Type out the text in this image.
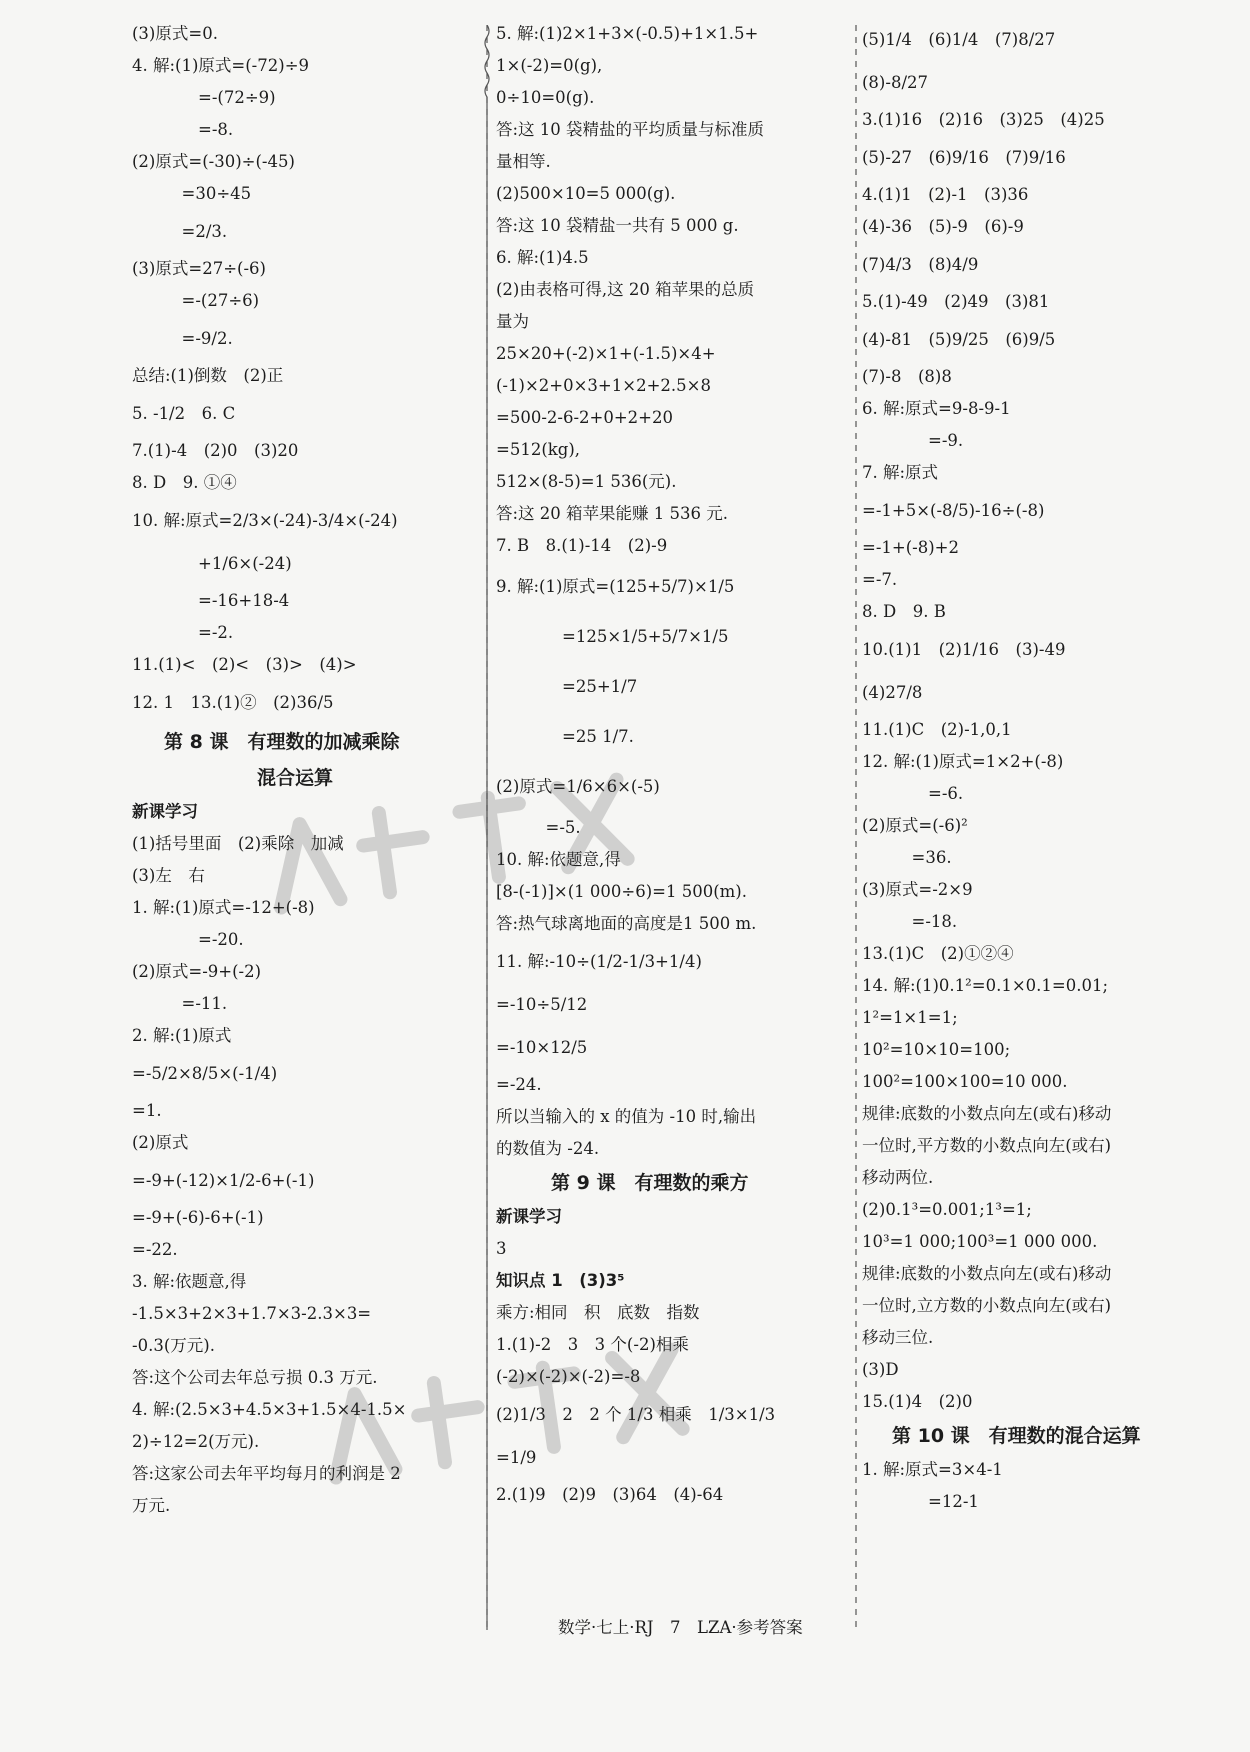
(3)原式=0.
4. 解:(1)原式=(-72)÷9
　　　　=-(72÷9)
　　　　=-8.
(2)原式=(-30)÷(-45)
　　　=30÷45
　　　=2/3.
(3)原式=27÷(-6)
　　　=-(27÷6)
　　　=-9/2.
总结:(1)倒数　(2)正
5. -1/2　6. C
7.(1)-4　(2)0　(3)20
8. D　9. ①④
10. 解:原式=2/3×(-24)-3/4×(-24)
　　　　+1/6×(-24)
　　　　=-16+18-4
　　　　=-2.
11.(1)<　(2)<　(3)>　(4)>
12. 1　13.(1)②　(2)36/5
第 8 课　有理数的加减乘除
混合运算
新课学习
(1)括号里面　(2)乘除　加减
(3)左　右
1. 解:(1)原式=-12+(-8)
　　　　=-20.
(2)原式=-9+(-2)
　　　=-11.
2. 解:(1)原式
=-5/2×8/5×(-1/4)
=1.
(2)原式
=-9+(-12)×1/2-6+(-1)
=-9+(-6)-6+(-1)
=-22.
3. 解:依题意,得
-1.5×3+2×3+1.7×3-2.3×3=
-0.3(万元).
答:这个公司去年总亏损 0.3 万元.
4. 解:(2.5×3+4.5×3+1.5×4-1.5×
2)÷12=2(万元).
答:这家公司去年平均每月的利润是 2
万元.
5. 解:(1)2×1+3×(-0.5)+1×1.5+
1×(-2)=0(g),
0÷10=0(g).
答:这 10 袋精盐的平均质量与标准质
量相等.
(2)500×10=5 000(g).
答:这 10 袋精盐一共有 5 000 g.
6. 解:(1)4.5
(2)由表格可得,这 20 箱苹果的总质
量为
25×20+(-2)×1+(-1.5)×4+
(-1)×2+0×3+1×2+2.5×8
=500-2-6-2+0+2+20
=512(kg),
512×(8-5)=1 536(元).
答:这 20 箱苹果能赚 1 536 元.
7. B　8.(1)-14　(2)-9
9. 解:(1)原式=(125+5/7)×1/5
　　　　=125×1/5+5/7×1/5
　　　　=25+1/7
　　　　=25 1/7.
(2)原式=1/6×6×(-5)
　　　=-5.
10. 解:依题意,得
[8-(-1)]×(1 000÷6)=1 500(m).
答:热气球离地面的高度是1 500 m.
11. 解:-10÷(1/2-1/3+1/4)
=-10÷5/12
=-10×12/5
=-24.
所以当输入的 x 的值为 -10 时,输出
的数值为 -24.
第 9 课　有理数的乘方
新课学习
3
知识点 1　(3)3⁵
乘方:相同　积　底数　指数
1.(1)-2　3　3 个(-2)相乘
(-2)×(-2)×(-2)=-8
(2)1/3　2　2 个 1/3 相乘　1/3×1/3
=1/9
2.(1)9　(2)9　(3)64　(4)-64
(5)1/4　(6)1/4　(7)8/27
(8)-8/27
3.(1)16　(2)16　(3)25　(4)25
(5)-27　(6)9/16　(7)9/16
4.(1)1　(2)-1　(3)36
(4)-36　(5)-9　(6)-9
(7)4/3　(8)4/9
5.(1)-49　(2)49　(3)81
(4)-81　(5)9/25　(6)9/5
(7)-8　(8)8
6. 解:原式=9-8-9-1
　　　　=-9.
7. 解:原式
=-1+5×(-8/5)-16÷(-8)
=-1+(-8)+2
=-7.
8. D　9. B
10.(1)1　(2)1/16　(3)-49
(4)27/8
11.(1)C　(2)-1,0,1
12. 解:(1)原式=1×2+(-8)
　　　　=-6.
(2)原式=(-6)²
　　　=36.
(3)原式=-2×9
　　　=-18.
13.(1)C　(2)①②④
14. 解:(1)0.1²=0.1×0.1=0.01;
1²=1×1=1;
10²=10×10=100;
100²=100×100=10 000.
规律:底数的小数点向左(或右)移动
一位时,平方数的小数点向左(或右)
移动两位.
(2)0.1³=0.001;1³=1;
10³=1 000;100³=1 000 000.
规律:底数的小数点向左(或右)移动
一位时,立方数的小数点向左(或右)
移动三位.
(3)D
15.(1)4　(2)0
第 10 课　有理数的混合运算
1. 解:原式=3×4-1
　　　　=12-1
数学·七上·RJ　7　LZA·参考答案
